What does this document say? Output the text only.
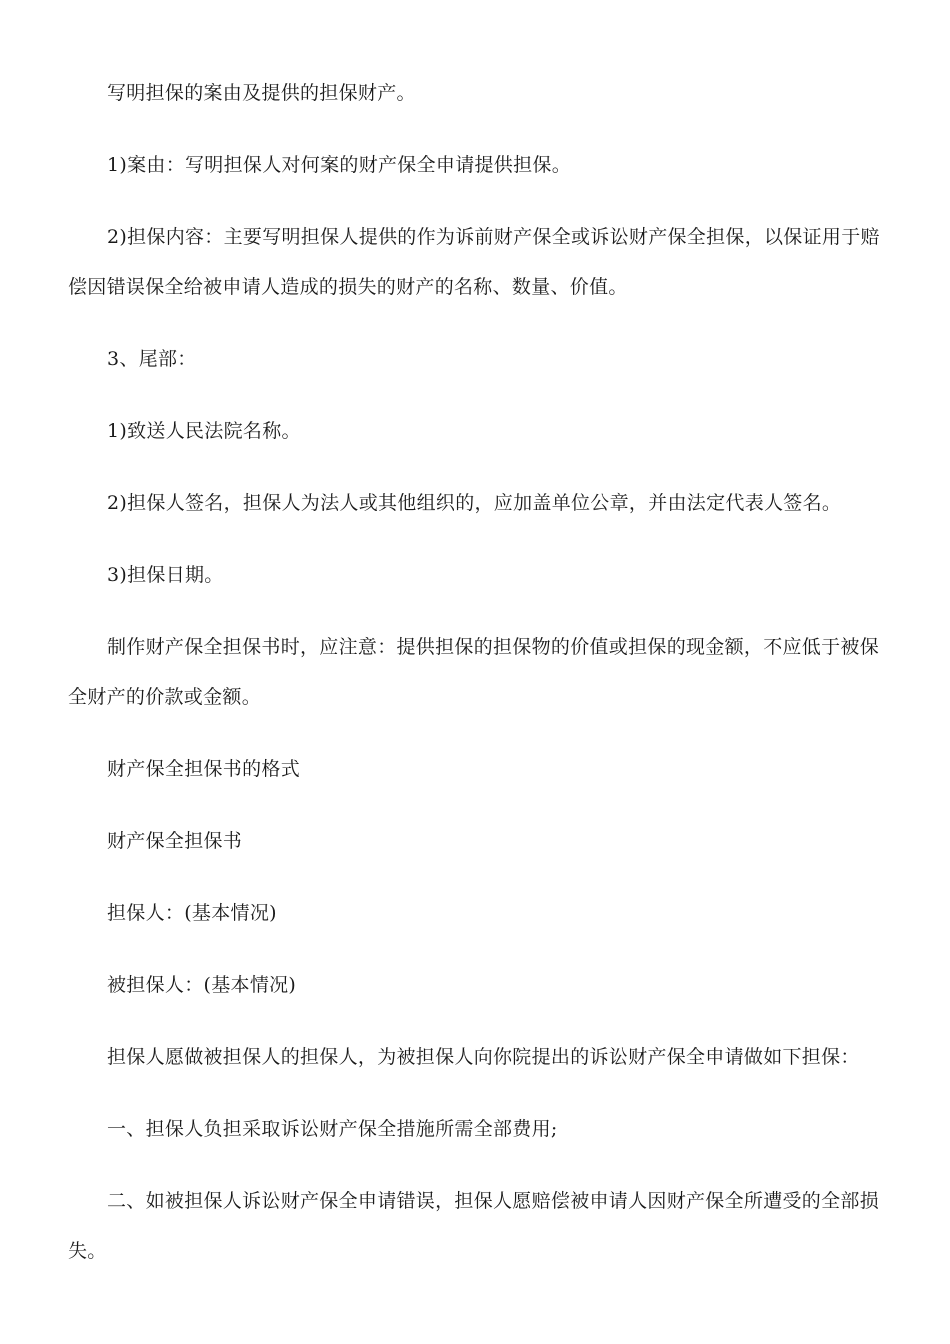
写明担保的案由及提供的担保财产。

1)案由：写明担保人对何案的财产保全申请提供担保。

2)担保内容：主要写明担保人提供的作为诉前财产保全或诉讼财产保全担保，以保证用于赔偿因错误保全给被申请人造成的损失的财产的名称、数量、价值。

3、尾部：

1)致送人民法院名称。

2)担保人签名，担保人为法人或其他组织的，应加盖单位公章，并由法定代表人签名。

3)担保日期。

制作财产保全担保书时，应注意：提供担保的担保物的价值或担保的现金额，不应低于被保全财产的价款或金额。

财产保全担保书的格式

财产保全担保书

担保人：(基本情况)

被担保人：(基本情况)

担保人愿做被担保人的担保人，为被担保人向你院提出的诉讼财产保全申请做如下担保：

一、担保人负担采取诉讼财产保全措施所需全部费用;

二、如被担保人诉讼财产保全申请错误，担保人愿赔偿被申请人因财产保全所遭受的全部损失。
